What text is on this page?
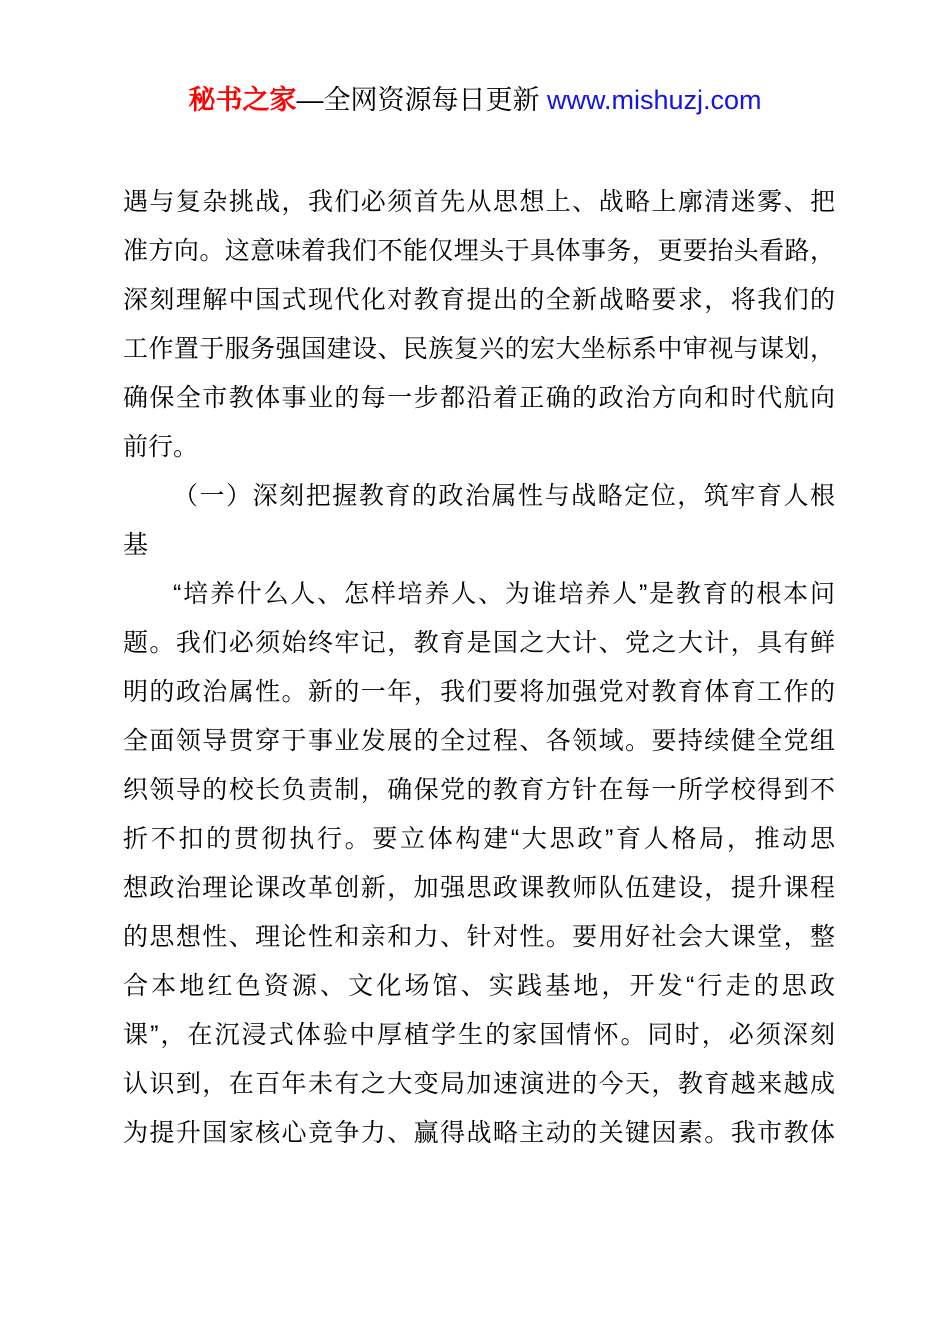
秘书之家—全网资源每日更新 www.mishuzj.com
遇与复杂挑战，我们必须首先从思想上、战略上廓清迷雾、把
准方向。这意味着我们不能仅埋头于具体事务，更要抬头看路，
深刻理解中国式现代化对教育提出的全新战略要求，将我们的
工作置于服务强国建设、民族复兴的宏大坐标系中审视与谋划，
确保全市教体事业的每一步都沿着正确的政治方向和时代航向
前行。
（一）深刻把握教育的政治属性与战略定位，筑牢育人根
基
“培养什么人、怎样培养人、为谁培养人”是教育的根本问
题。我们必须始终牢记，教育是国之大计、党之大计，具有鲜
明的政治属性。新的一年，我们要将加强党对教育体育工作的
全面领导贯穿于事业发展的全过程、各领域。要持续健全党组
织领导的校长负责制，确保党的教育方针在每一所学校得到不
折不扣的贯彻执行。要立体构建“大思政”育人格局，推动思
想政治理论课改革创新，加强思政课教师队伍建设，提升课程
的思想性、理论性和亲和力、针对性。要用好社会大课堂，整
合本地红色资源、文化场馆、实践基地，开发“行走的思政
课”，在沉浸式体验中厚植学生的家国情怀。同时，必须深刻
认识到，在百年未有之大变局加速演进的今天，教育越来越成
为提升国家核心竞争力、赢得战略主动的关键因素。我市教体
